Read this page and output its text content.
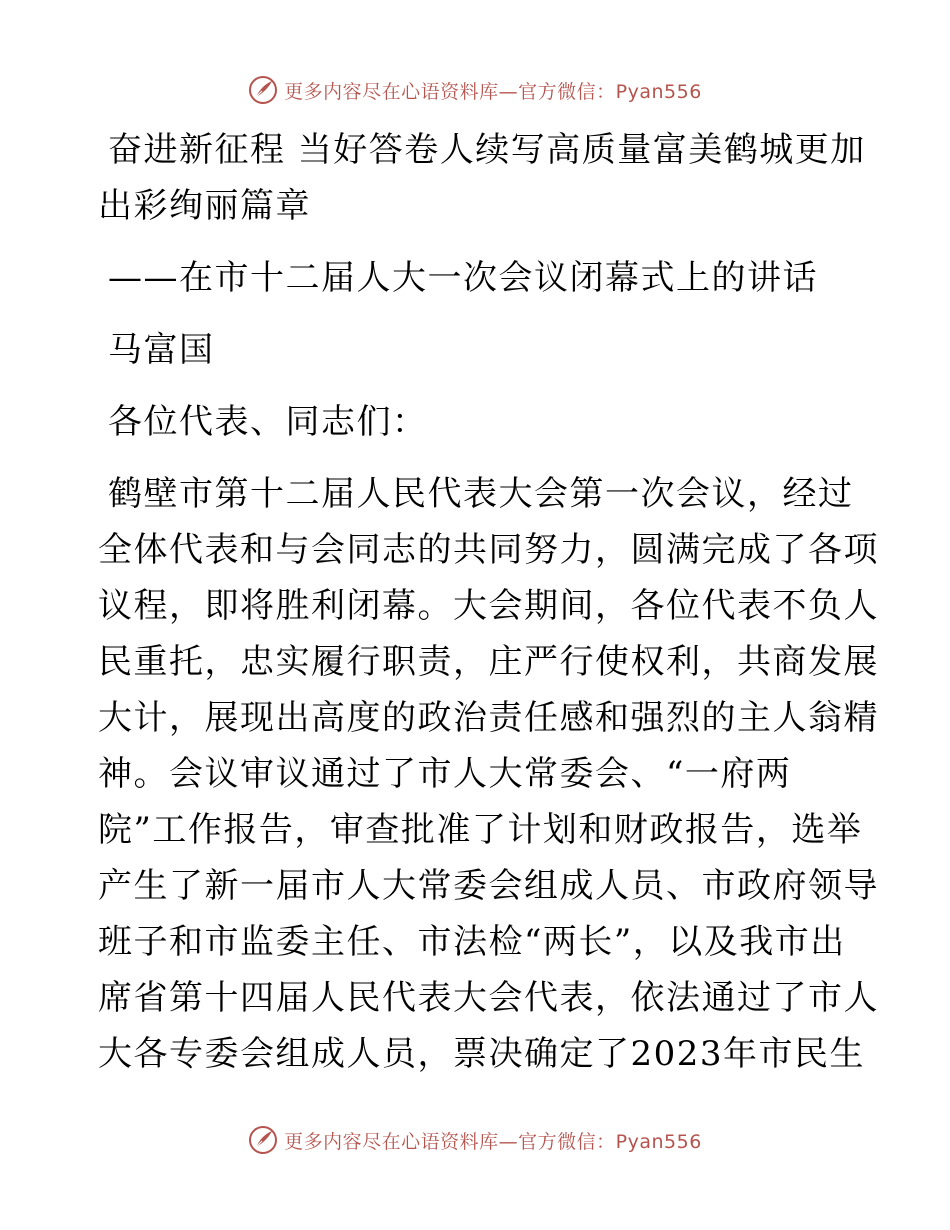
更多内容尽在心语资料库—官方微信：Pyan556
奋进新征程 当好答卷人续写高质量富美鹤城更加
出彩绚丽篇章
——在市十二届人大一次会议闭幕式上的讲话
马富国
各位代表、同志们：
鹤壁市第十二届人民代表大会第一次会议，经过
全体代表和与会同志的共同努力，圆满完成了各项
议程，即将胜利闭幕。大会期间，各位代表不负人
民重托，忠实履行职责，庄严行使权利，共商发展
大计，展现出高度的政治责任感和强烈的主人翁精
神。会议审议通过了市人大常委会、“一府两
院”工作报告，审查批准了计划和财政报告，选举
产生了新一届市人大常委会组成人员、市政府领导
班子和市监委主任、市法检“两长”，以及我市出
席省第十四届人民代表大会代表，依法通过了市人
大各专委会组成人员，票决确定了2023年市民生
更多内容尽在心语资料库—官方微信：Pyan556
